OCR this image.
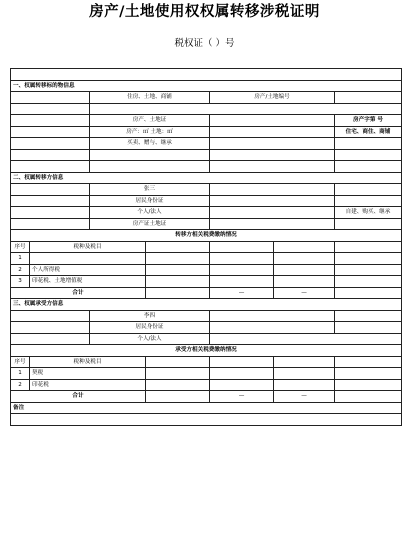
房产/土地使用权权属转移涉税证明
税权证（ ）号

一、权属转移标的物信息						
		住房、土地、商铺		房产/土地编号		

		房产、土地证				房产字第 号
		房产：㎡ 土地：㎡				住宅、商住、商铺
		买卖、赠与、继承				

二、权属转移方信息						
		张三				
		居民身份证				
		个人/法人				自建、购买、继承
		房产证土地证				
转移方相关税费缴纳情况						
序号	税种及税目					
1						
2	个人所得税					
3	印花税、土地增值税					
合计				—	—	
三、权属承受方信息						
		李四				
		居民身份证				
		个人/法人				
承受方相关税费缴纳情况						
序号	税种及税目					
1	契税					
2	印花税					
合计				—	—	
备注						
